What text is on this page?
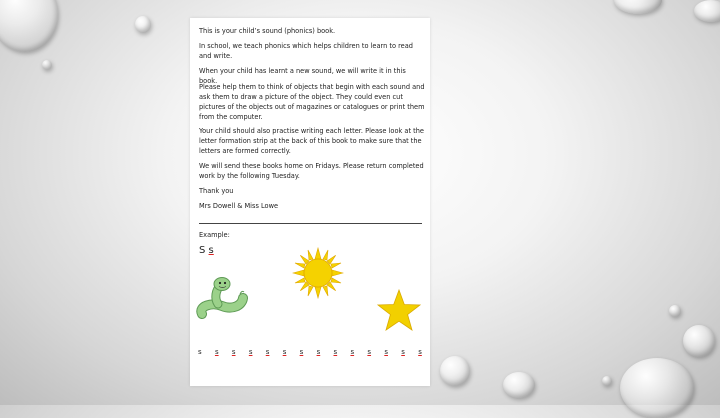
This is your child’s sound (phonics) book.

In school, we teach phonics which helps children to learn to read and write.

When your child has learnt a new sound, we will write it in this book.

Please help them to think of objects that begin with each sound and ask them to draw a picture of the object. They could even cut pictures of the objects out of magazines or catalogues or print them from the computer.

Your child should also practise writing each letter. Please look at the letter formation strip at the back of this book to make sure that the letters are formed correctly.

We will send these books home on Fridays. Please return completed work by the following Tuesday.

Thank you

Mrs Dowell & Miss Lowe

Example:
S s
s s s s s s s s s s s s s s
